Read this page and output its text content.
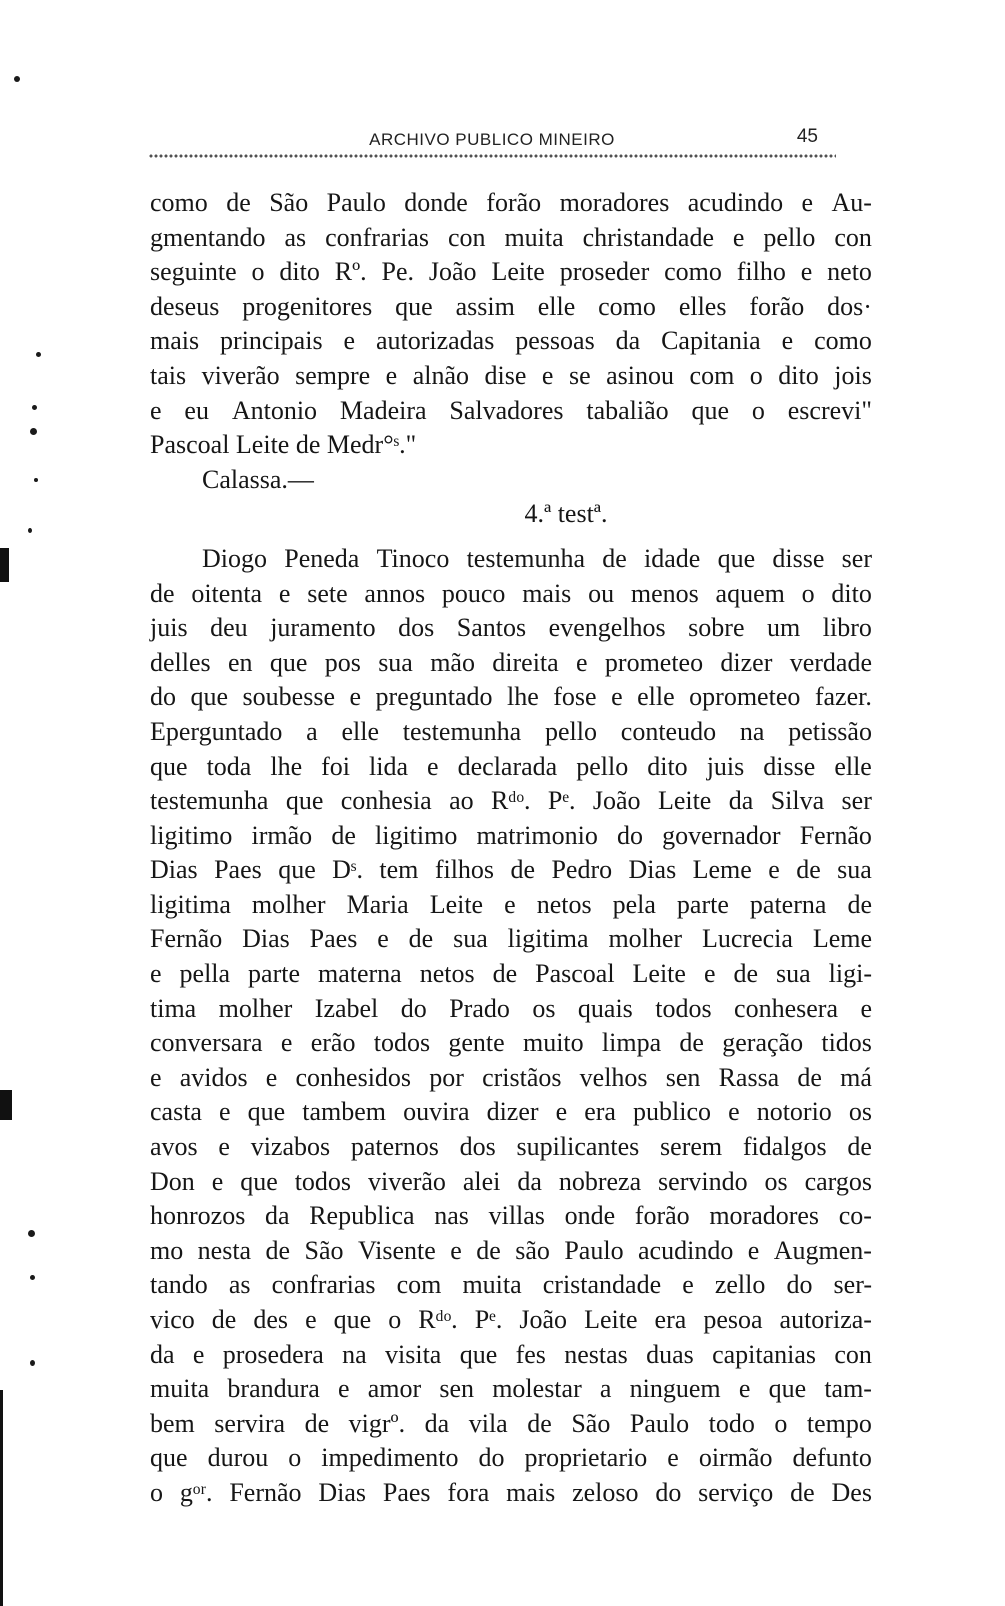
ARCHIVO PUBLICO MINEIRO	45
como de São Paulo donde forão moradores acudindo e Au-
gmentando as confrarias con muita christandade e pello con
seguinte o dito Rº. Pe. João Leite proseder como filho e neto
deseus progenitores que assim elle como elles forão dos·
mais principais e autorizadas pessoas da Capitania e como
tais viverão sempre e alnão dise e se asinou com o dito jois
e eu Antonio Madeira Salvadores tabalião que o escrevi"
Pascoal Leite de Medr°ˢ."
Calassa.—
4.ª testª.
Diogo Peneda Tinoco testemunha de idade que disse ser
de oitenta e sete annos pouco mais ou menos aquem o dito
juis deu juramento dos Santos evengelhos sobre um libro
delles en que pos sua mão direita e prometeo dizer verdade
do que soubesse e preguntado lhe fose e elle oprometeo fazer.
Eperguntado a elle testemunha pello conteudo na petissão
que toda lhe foi lida e declarada pello dito juis disse elle
testemunha que conhesia ao Rᵈᵒ. Pᵉ. João Leite da Silva ser
ligitimo irmão de ligitimo matrimonio do governador Fernão
Dias Paes que Dˢ. tem filhos de Pedro Dias Leme e de sua
ligitima molher Maria Leite e netos pela parte paterna de
Fernão Dias Paes e de sua ligitima molher Lucrecia Leme
e pella parte materna netos de Pascoal Leite e de sua ligi-
tima molher Izabel do Prado os quais todos conhesera e
conversara e erão todos gente muito limpa de geração tidos
e avidos e conhesidos por cristãos velhos sen Rassa de má
casta e que tambem ouvira dizer e era publico e notorio os
avos e vizabos paternos dos supilicantes serem fidalgos de
Don e que todos viverão alei da nobreza servindo os cargos
honrozos da Republica nas villas onde forão moradores co-
mo nesta de São Visente e de são Paulo acudindo e Augmen-
tando as confrarias com muita cristandade e zello do ser-
vico de des e que o Rᵈᵒ. Pᵉ. João Leite era pesoa autoriza-
da e prosedera na visita que fes nestas duas capitanias con
muita brandura e amor sen molestar a ninguem e que tam-
bem servira de vigrº. da vila de São Paulo todo o tempo
que durou o impedimento do proprietario e oirmão defunto
o gᵒʳ. Fernão Dias Paes fora mais zeloso do serviço de Des
